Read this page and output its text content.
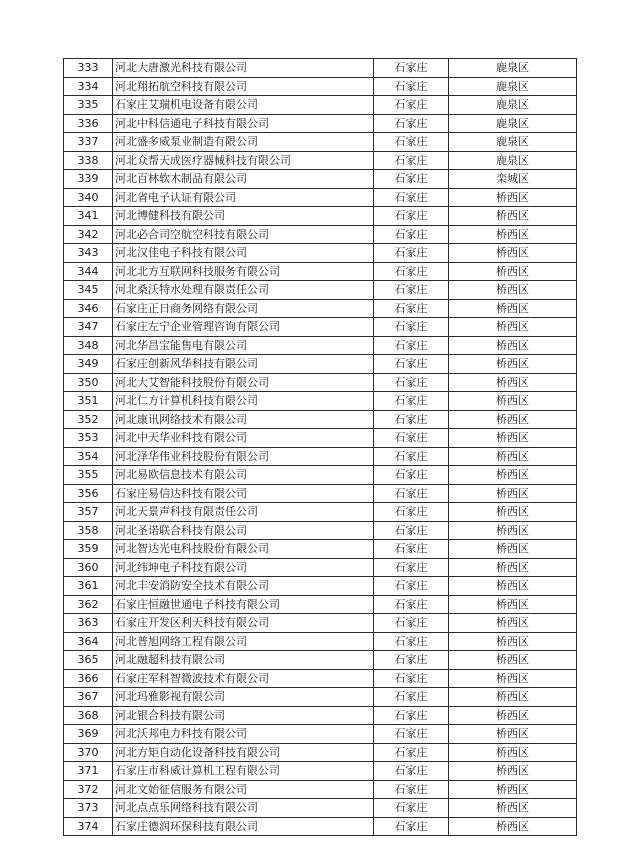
333	河北大唐激光科技有限公司	石家庄	鹿泉区
334	河北翔拓航空科技有限公司	石家庄	鹿泉区
335	石家庄艾瑞机电设备有限公司	石家庄	鹿泉区
336	河北中科信通电子科技有限公司	石家庄	鹿泉区
337	河北盛多威泵业制造有限公司	石家庄	鹿泉区
338	河北众帮天成医疗器械科技有限公司	石家庄	鹿泉区
339	河北百林软木制品有限公司	石家庄	栾城区
340	河北省电子认证有限公司	石家庄	桥西区
341	河北博健科技有限公司	石家庄	桥西区
342	河北必合司空航空科技有限公司	石家庄	桥西区
343	河北汉佳电子科技有限公司	石家庄	桥西区
344	河北北方互联网科技服务有限公司	石家庄	桥西区
345	河北桑沃特水处理有限责任公司	石家庄	桥西区
346	石家庄正日商务网络有限公司	石家庄	桥西区
347	石家庄左宁企业管理咨询有限公司	石家庄	桥西区
348	河北华昌宝能售电有限公司	石家庄	桥西区
349	石家庄创新风华科技有限公司	石家庄	桥西区
350	河北大艾智能科技股份有限公司	石家庄	桥西区
351	河北仁方计算机科技有限公司	石家庄	桥西区
352	河北康讯网络技术有限公司	石家庄	桥西区
353	河北中天华业科技有限公司	石家庄	桥西区
354	河北泽华伟业科技股份有限公司	石家庄	桥西区
355	河北易欧信息技术有限公司	石家庄	桥西区
356	石家庄易信达科技有限公司	石家庄	桥西区
357	河北天景声科技有限责任公司	石家庄	桥西区
358	河北圣诺联合科技有限公司	石家庄	桥西区
359	河北智达光电科技股份有限公司	石家庄	桥西区
360	河北纬坤电子科技有限公司	石家庄	桥西区
361	河北丰安消防安全技术有限公司	石家庄	桥西区
362	石家庄恒融世通电子科技有限公司	石家庄	桥西区
363	石家庄开发区利天科技有限公司	石家庄	桥西区
364	河北普旭网络工程有限公司	石家庄	桥西区
365	河北融超科技有限公司	石家庄	桥西区
366	石家庄军科智微波技术有限公司	石家庄	桥西区
367	河北玛雅影视有限公司	石家庄	桥西区
368	河北银合科技有限公司	石家庄	桥西区
369	河北沃邦电力科技有限公司	石家庄	桥西区
370	河北方矩自动化设备科技有限公司	石家庄	桥西区
371	石家庄市科威计算机工程有限公司	石家庄	桥西区
372	河北文始征信服务有限公司	石家庄	桥西区
373	河北点点乐网络科技有限公司	石家庄	桥西区
374	石家庄德润环保科技有限公司	石家庄	桥西区
